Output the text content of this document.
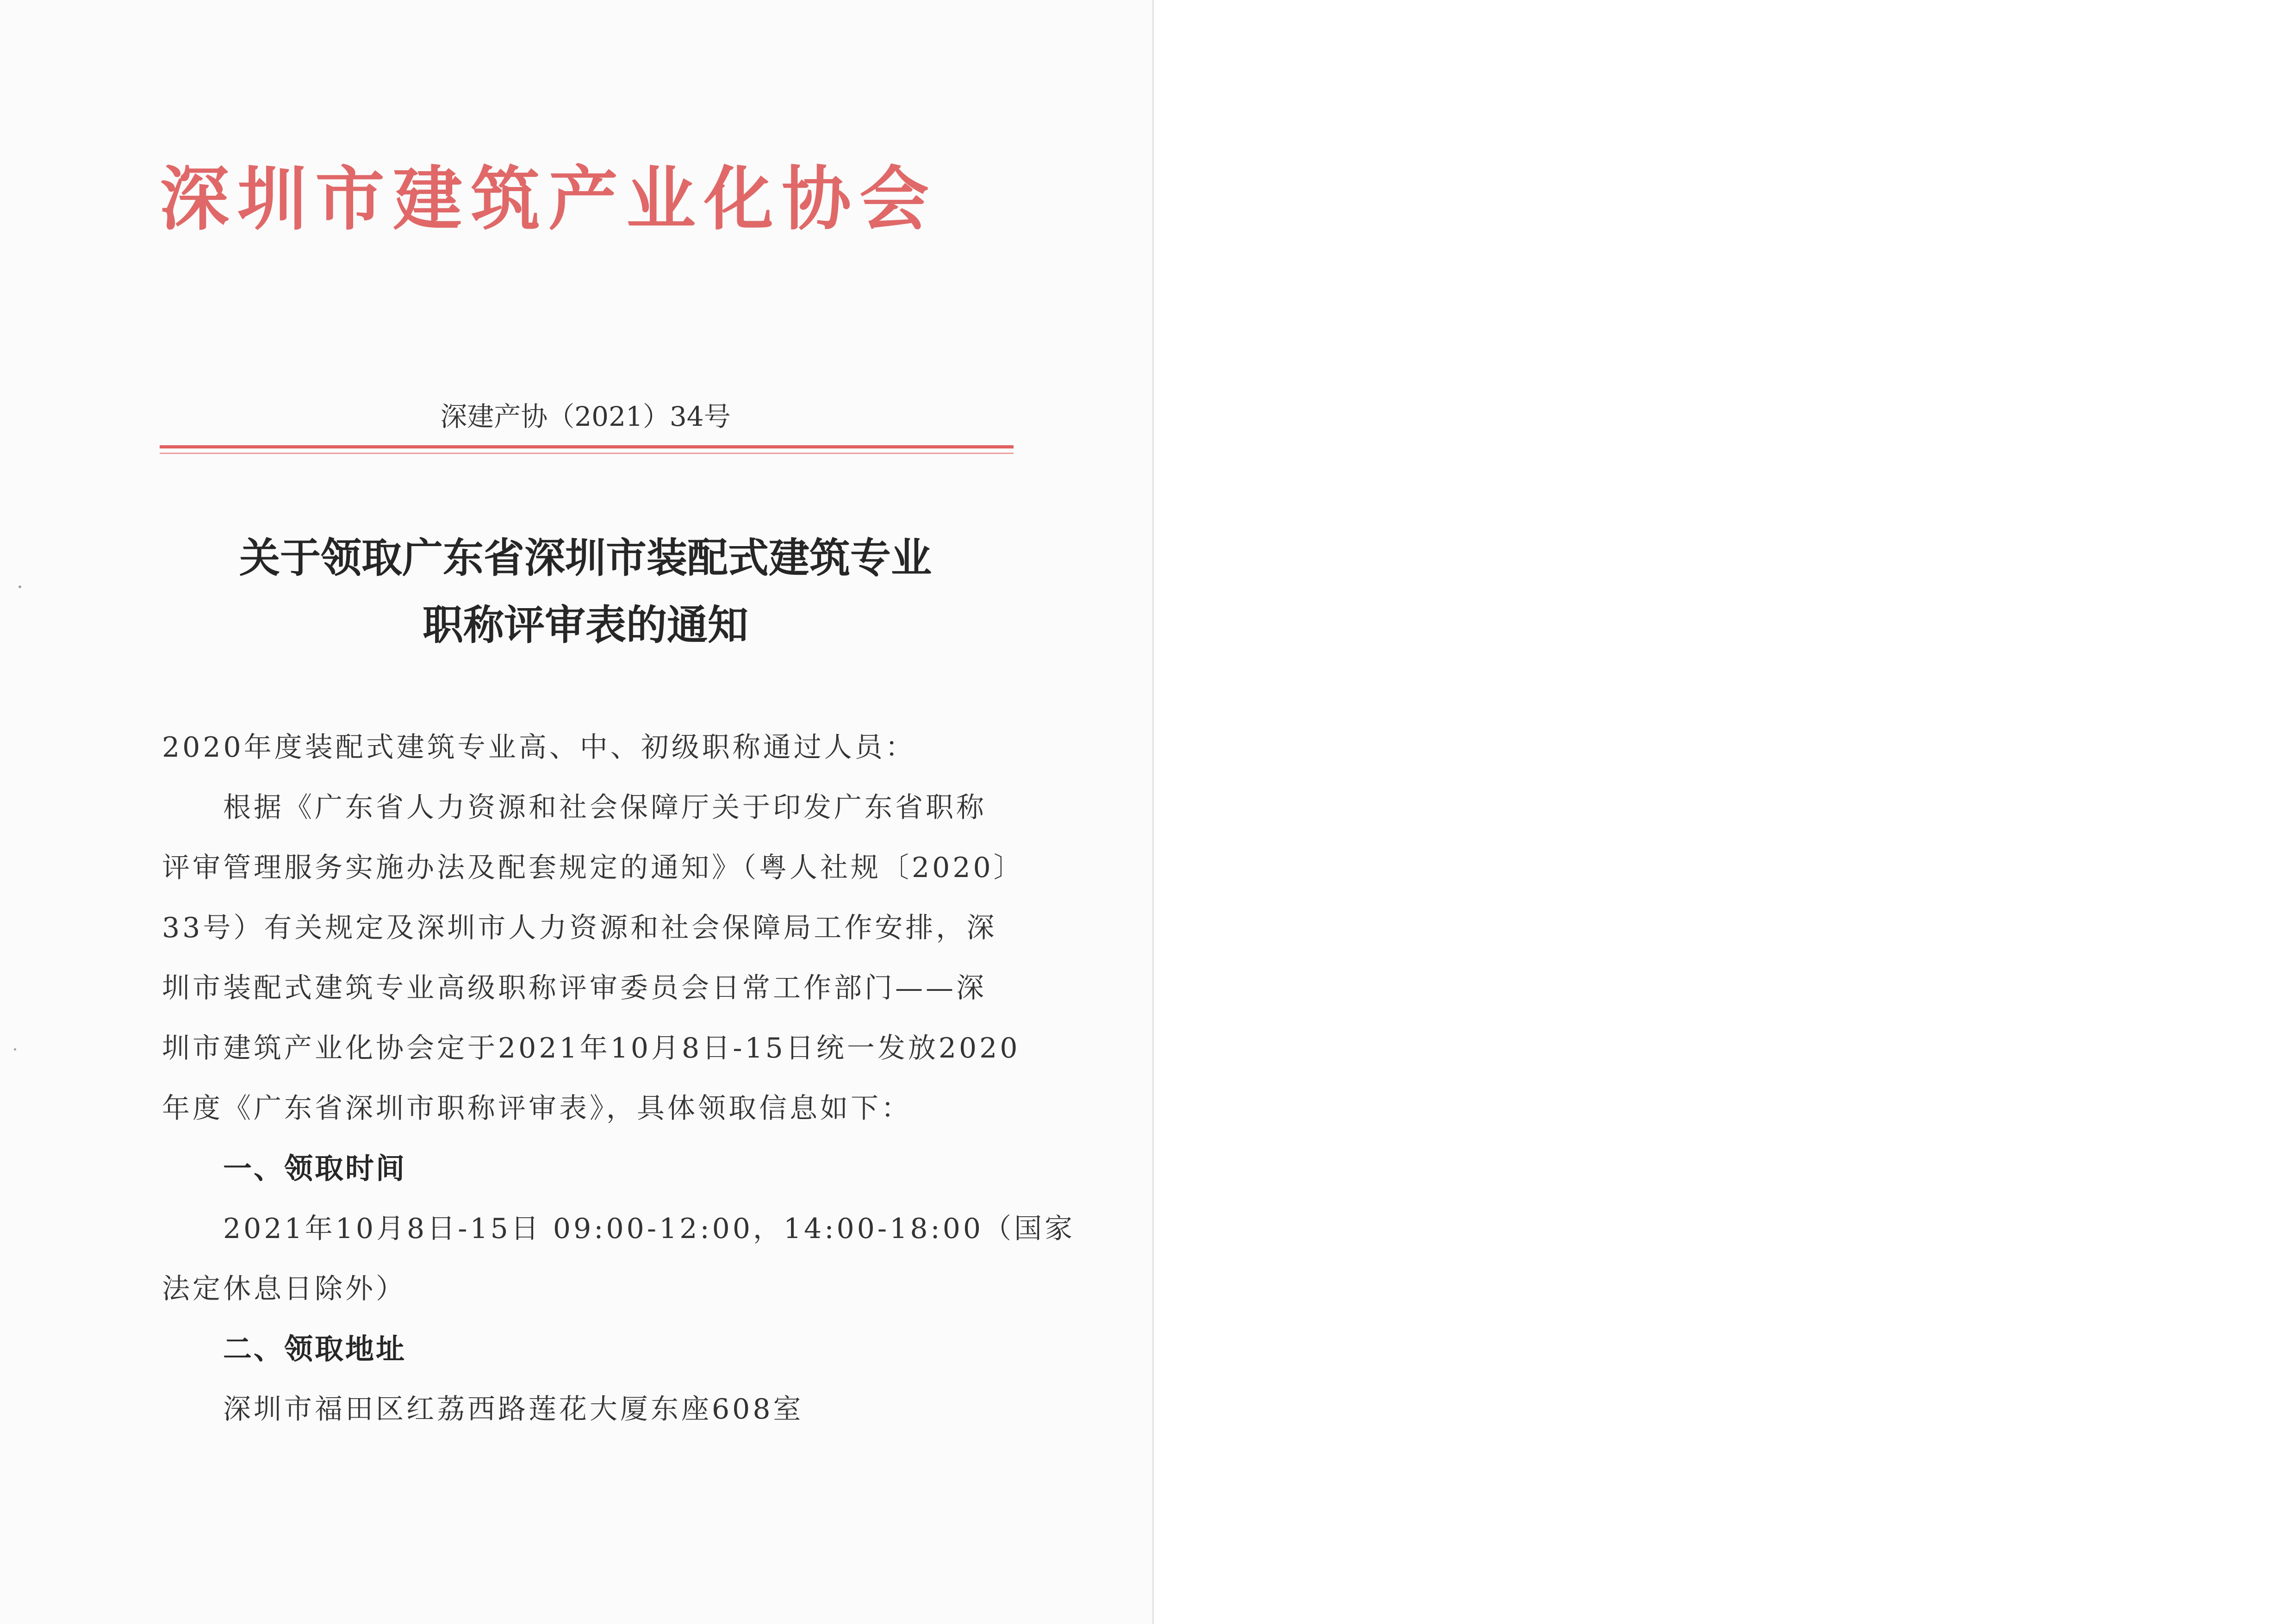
深圳市建筑产业化协会
深建产协（2021）34号
关于领取广东省深圳市装配式建筑专业
职称评审表的通知
2020年度装配式建筑专业高、中、初级职称通过人员：
根据《广东省人力资源和社会保障厅关于印发广东省职称
评审管理服务实施办法及配套规定的通知》（粤人社规〔2020〕
33号）有关规定及深圳市人力资源和社会保障局工作安排，深
圳市装配式建筑专业高级职称评审委员会日常工作部门——深
圳市建筑产业化协会定于2021年10月8日-15日统一发放2020
年度《广东省深圳市职称评审表》，具体领取信息如下：
一、领取时间
2021年10月8日-15日 09:00-12:00，14:00-18:00（国家
法定休息日除外）
二、领取地址
深圳市福田区红荔西路莲花大厦东座608室
